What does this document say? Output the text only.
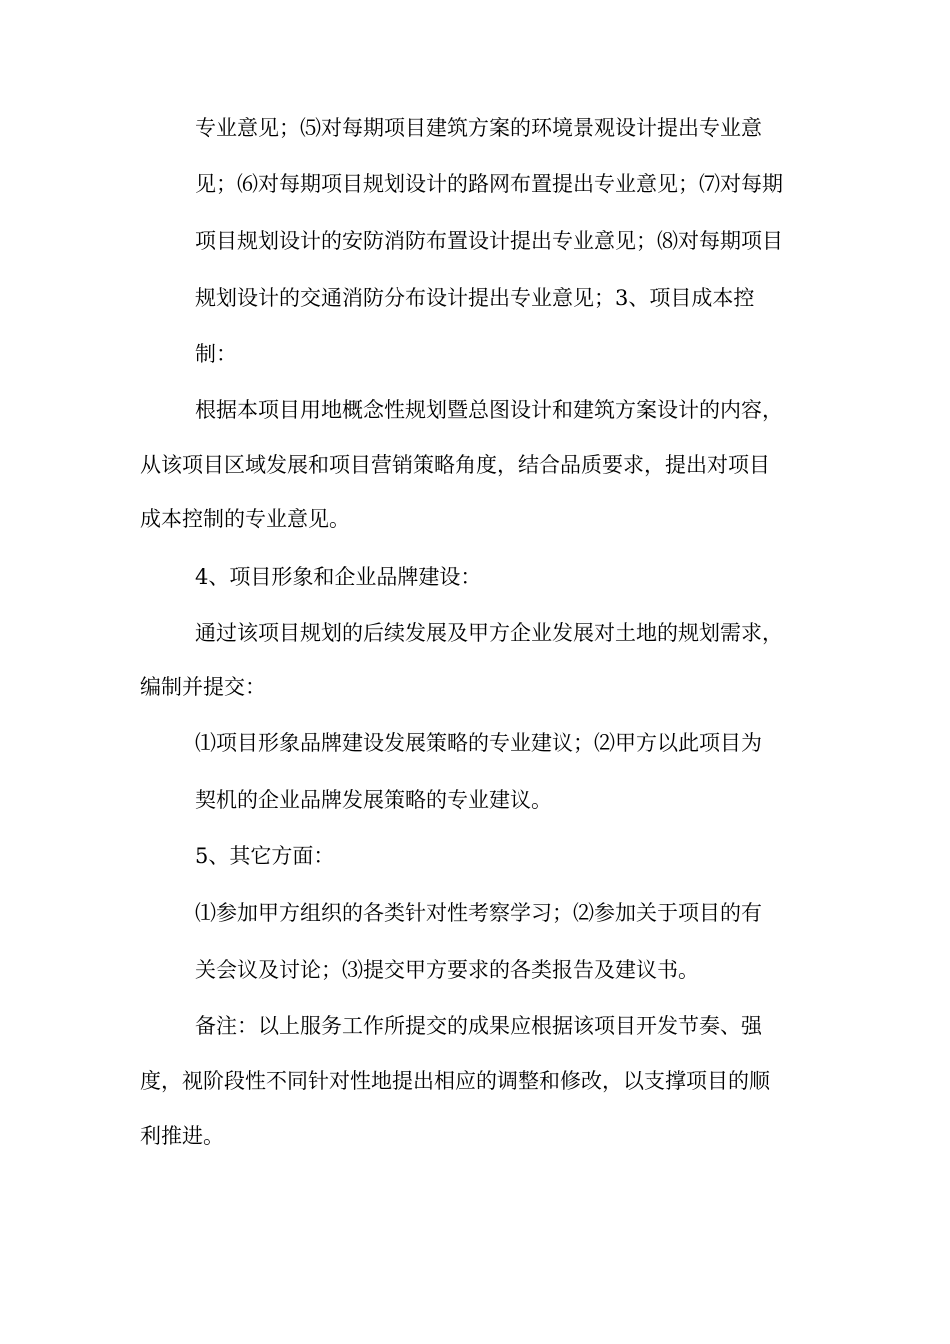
专业意见；⑸对每期项目建筑方案的环境景观设计提出专业意

见；⑹对每期项目规划设计的路网布置提出专业意见；⑺对每期

项目规划设计的安防消防布置设计提出专业意见；⑻对每期项目

规划设计的交通消防分布设计提出专业意见；3、项目成本控

制：

根据本项目用地概念性规划暨总图设计和建筑方案设计的内容，

从该项目区域发展和项目营销策略角度，结合品质要求，提出对项目

成本控制的专业意见。

4、项目形象和企业品牌建设：

通过该项目规划的后续发展及甲方企业发展对土地的规划需求，

编制并提交：

⑴项目形象品牌建设发展策略的专业建议；⑵甲方以此项目为

契机的企业品牌发展策略的专业建议。

5、其它方面：

⑴参加甲方组织的各类针对性考察学习；⑵参加关于项目的有

关会议及讨论；⑶提交甲方要求的各类报告及建议书。

备注：以上服务工作所提交的成果应根据该项目开发节奏、强

度，视阶段性不同针对性地提出相应的调整和修改，以支撑项目的顺

利推进。
